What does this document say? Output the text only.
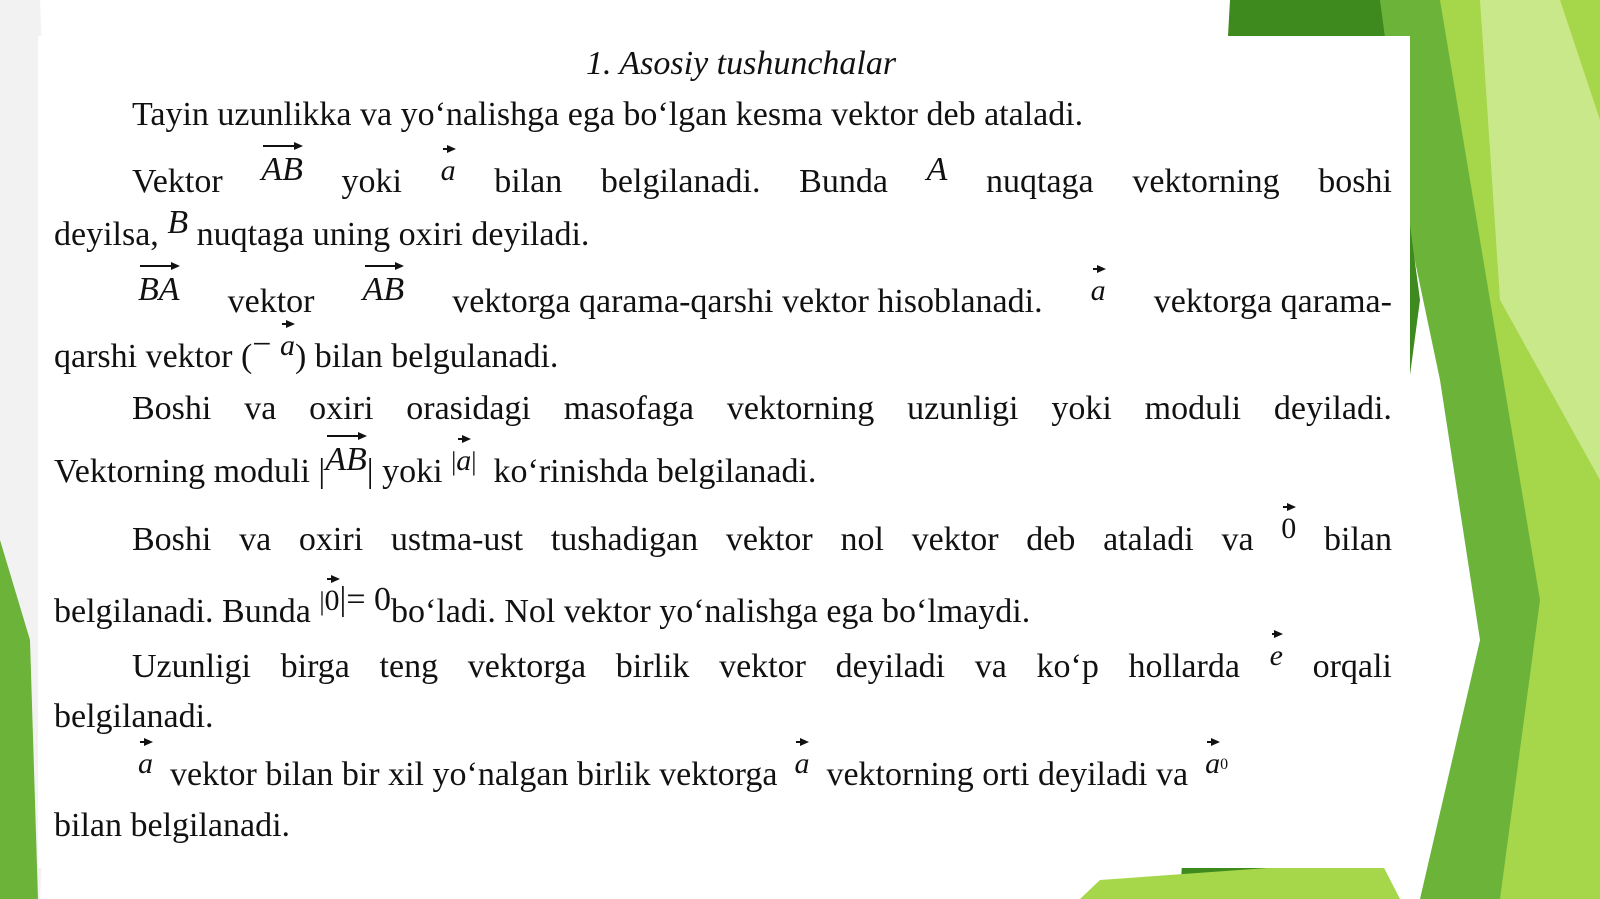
1. Asosiy tushunchalar
Tayin uzunlikka va yo‘nalishga ega bo‘lgan kesma vektor deb ataladi.
Vektor AB yoki a bilan belgilanadi. Bunda A nuqtaga vektorning boshi
deyilsa, B nuqtaga uning oxiri deyiladi.
BA vektor AB vektorga qarama-qarshi vektor hisoblanadi. a vektorga qarama-
qarshi vektor (− a) bilan belgulanadi.
Boshi va oxiri orasidagi masofaga vektorning uzunligi yoki moduli deyiladi.
Vektorning moduli |
AB| yoki |
a| ko‘rinishda belgilanadi.
Boshi va oxiri ustma-ust tushadigan vektor nol vektor deb ataladi va 0 bilan
belgilanadi. Bunda |
0|= 0bo‘ladi. Nol vektor yo‘nalishga ega bo‘lmaydi.
Uzunligi birga teng vektorga birlik vektor deyiladi va ko‘p hollarda e orqali
belgilanadi.
a vektor bilan bir xil yo‘nalgan birlik vektorga a vektorning orti deyiladi va $a^0$
bilan belgilanadi.
